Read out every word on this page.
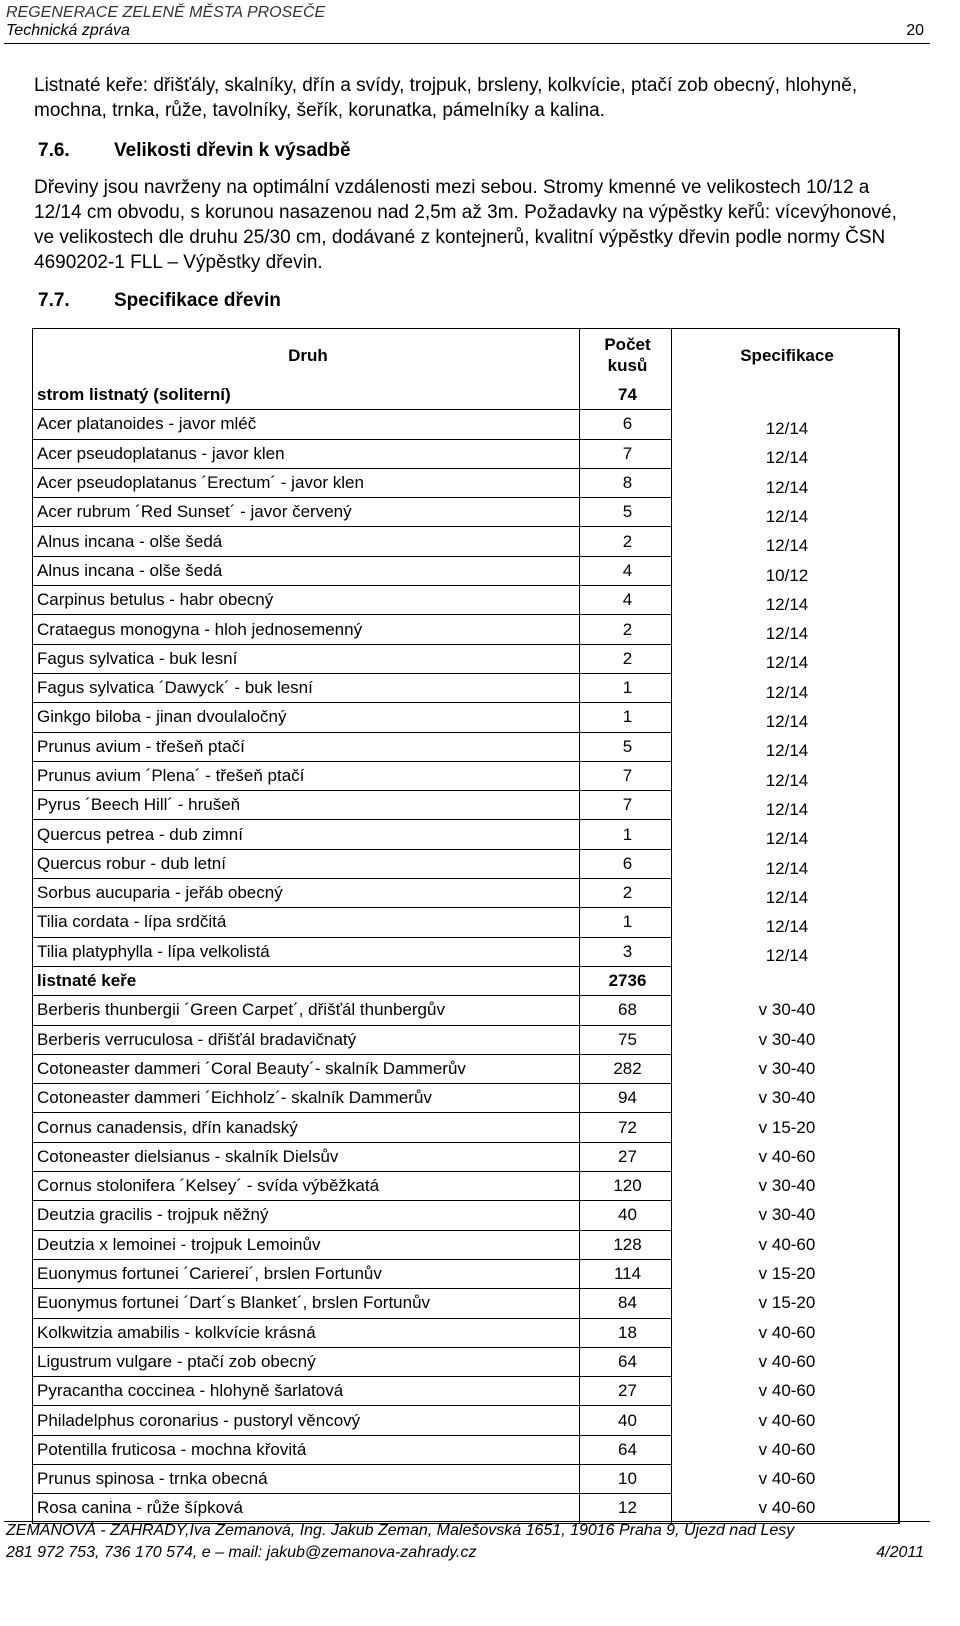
REGENERACE ZELENĚ MĚSTA PROSEČE
Technická zpráva	20
Listnaté keře: dřišťály, skalníky, dřín a svídy, trojpuk, brsleny, kolkvície, ptačí zob obecný, hlohyně, mochna, trnka, růže, tavolníky, šeřík, korunatka, pámelníky a kalina.
7.6. Velikosti dřevin k výsadbě
Dřeviny jsou navrženy na optimální vzdálenosti mezi sebou. Stromy kmenné ve velikostech 10/12 a 12/14 cm obvodu, s korunou nasazenou nad 2,5m až 3m. Požadavky na výpěstky keřů: vícevýhonové, ve velikostech dle druhu 25/30 cm, dodávané z kontejnerů, kvalitní výpěstky dřevin podle normy ČSN 4690202-1 FLL – Výpěstky dřevin.
7.7. Specifikace dřevin
Druh	Počet kusů	Specifikace
strom listnatý (soliterní)	74	
Acer platanoides - javor mléč	6	12/14
Acer pseudoplatanus - javor klen	7	12/14
Acer pseudoplatanus ´Erectum´ - javor klen	8	12/14
Acer rubrum ´Red Sunset´ - javor červený	5	12/14
Alnus incana - olše šedá	2	12/14
Alnus incana - olše šedá	4	10/12
Carpinus betulus - habr obecný	4	12/14
Crataegus monogyna - hloh jednosemenný	2	12/14
Fagus sylvatica - buk lesní	2	12/14
Fagus sylvatica ´Dawyck´ - buk lesní	1	12/14
Ginkgo biloba - jinan dvoulaločný	1	12/14
Prunus avium - třešeň ptačí	5	12/14
Prunus avium ´Plena´ - třešeň ptačí	7	12/14
Pyrus ´Beech Hill´ - hrušeň	7	12/14
Quercus petrea - dub zimní	1	12/14
Quercus robur - dub letní	6	12/14
Sorbus aucuparia - jeřáb obecný	2	12/14
Tilia cordata - lípa srdčitá	1	12/14
Tilia platyphylla - lípa velkolistá	3	12/14
listnaté keře	2736	
Berberis thunbergii ´Green Carpet´, dřišťál thunbergův	68	v 30-40
Berberis verruculosa - dřišťál bradavičnatý	75	v 30-40
Cotoneaster dammeri ´Coral Beauty´- skalník Dammerův	282	v 30-40
Cotoneaster dammeri ´Eichholz´- skalník Dammerův	94	v 30-40
Cornus canadensis, dřín kanadský	72	v 15-20
Cotoneaster dielsianus - skalník Dielsův	27	v 40-60
Cornus stolonifera ´Kelsey´ - svída výběžkatá	120	v 30-40
Deutzia gracilis - trojpuk něžný	40	v 30-40
Deutzia x lemoinei - trojpuk Lemoinův	128	v 40-60
Euonymus fortunei ´Carierei´, brslen Fortunův	114	v 15-20
Euonymus fortunei ´Dart´s Blanket´, brslen Fortunův	84	v 15-20
Kolkwitzia amabilis - kolkvície krásná	18	v 40-60
Ligustrum vulgare - ptačí zob obecný	64	v 40-60
Pyracantha coccinea - hlohyně šarlatová	27	v 40-60
Philadelphus coronarius - pustoryl věncový	40	v 40-60
Potentilla fruticosa - mochna křovitá	64	v 40-60
Prunus spinosa - trnka obecná	10	v 40-60
Rosa canina - růže šípková	12	v 40-60
ZEMANOVÁ - ZAHRADY,Iva Zemanová, Ing. Jakub Zeman, Malešovská 1651, 19016 Praha 9, Újezd nad Lesy
281 972 753, 736 170 574, e – mail: jakub@zemanova-zahrady.cz	4/2011
